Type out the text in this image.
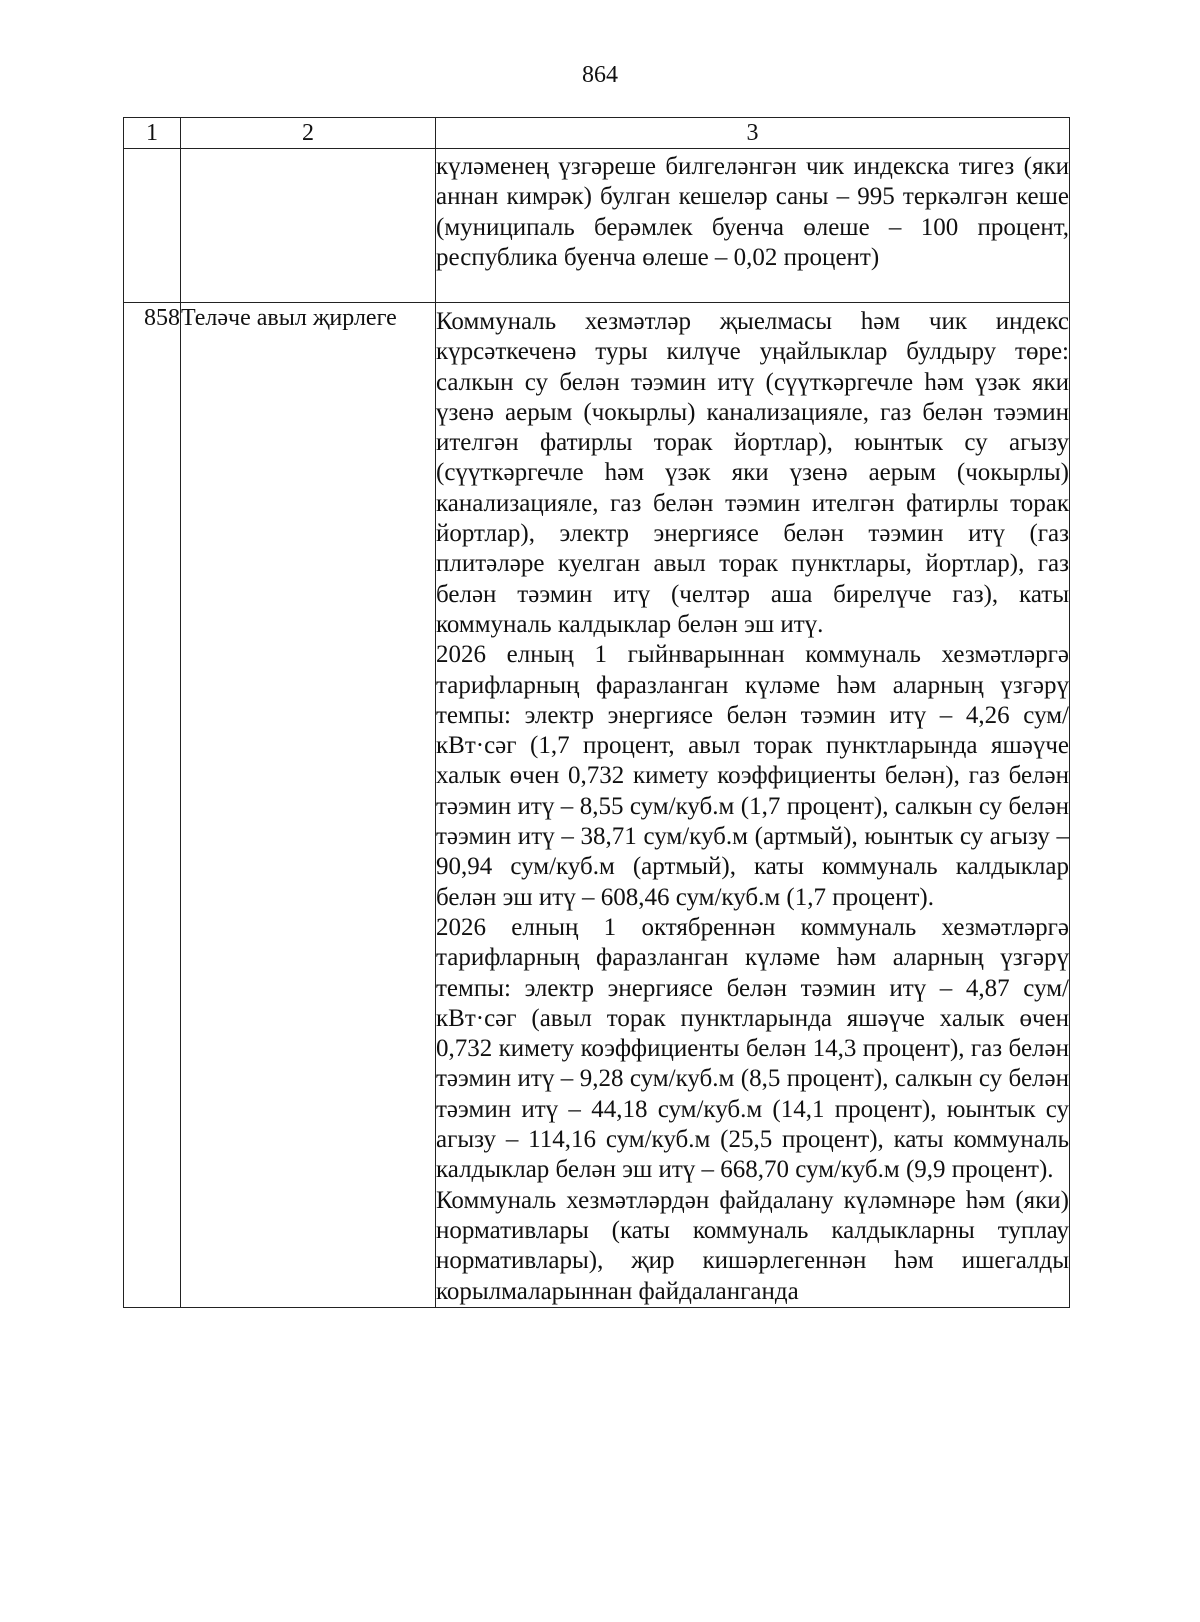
864
1	2	3

		күләменең үзгәреше билгеләнгән чик индекска тигез (яки аннан кимрәк) булган кешеләр саны – 995 теркәлгән кеше (муниципаль берәмлек буенча өлеше – 100 процент, республика буенча өлеше – 0,02 процент)

858	Теләче авыл җирлеге	Коммуналь хезмәтләр җыелмасы һәм чик индекс күрсәткеченә туры килүче уңайлыклар булдыру төре: салкын су белән тәэмин итү (сүүткәргечле һәм үзәк яки үзенә аерым (чокырлы) канализацияле, газ белән тәэмин ителгән фатирлы торак йортлар), юынтык су агызу (сүүткәргечле һәм үзәк яки үзенә аерым (чокырлы) канализацияле, газ белән тәэмин ителгән фатирлы торак йортлар), электр энергиясе белән тәэмин итү (газ плитәләре куелган авыл торак пунктлары, йортлар), газ белән тәэмин итү (челтәр аша бирелүче газ), каты коммуналь калдыклар белән эш итү.

2026 елның 1 гыйнварыннан коммуналь хезмәтләргә тарифларның фаразланган күләме һәм аларның үзгәрү темпы: электр энергиясе белән тәэмин итү – 4,26 сум/кВт·сәг (1,7 процент, авыл торак пунктларында яшәүче халык өчен 0,732 кимету коэффициенты белән), газ белән тәэмин итү – 8,55 сум/куб.м (1,7 процент), салкын су белән тәэмин итү – 38,71 сум/куб.м (артмый), юынтык су агызу – 90,94 сум/куб.м (артмый), каты коммуналь калдыклар белән эш итү – 608,46 сум/куб.м (1,7 процент).

2026 елның 1 октябреннән коммуналь хезмәтләргә тарифларның фаразланган күләме һәм аларның үзгәрү темпы: электр энергиясе белән тәэмин итү – 4,87 сум/кВт·сәг (авыл торак пунктларында яшәүче халык өчен 0,732 кимету коэффициенты белән 14,3 процент), газ белән тәэмин итү – 9,28 сум/куб.м (8,5 процент), салкын су белән тәэмин итү – 44,18 сум/куб.м (14,1 процент), юынтык су агызу – 114,16 сум/куб.м (25,5 процент), каты коммуналь калдыклар белән эш итү – 668,70 сум/куб.м (9,9 процент).

Коммуналь хезмәтләрдән файдалану күләмнәре һәм (яки) нормативлары (каты коммуналь калдыкларны туплау нормативлары), җир кишәрлегеннән һәм ишегалды корылмаларыннан файдаланганда
